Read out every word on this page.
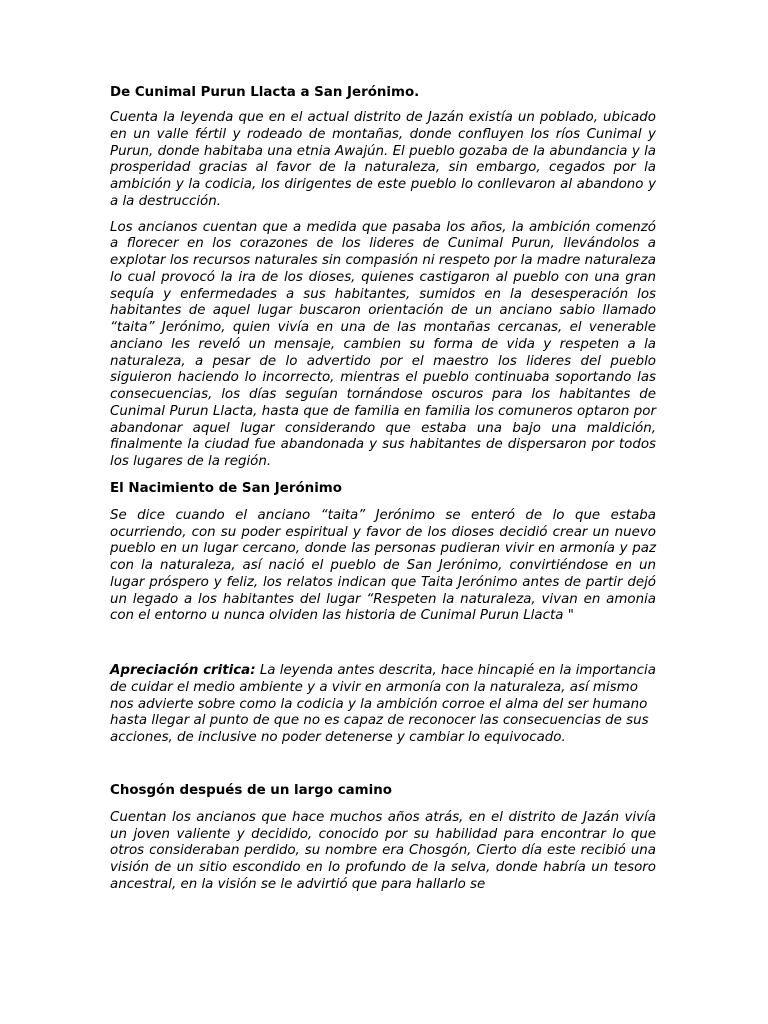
De Cunimal Purun Llacta a San Jerónimo.

Cuenta la leyenda que en el actual distrito de Jazán existía un poblado, ubicado en un valle fértil y rodeado de montañas, donde confluyen los ríos Cunimal y Purun, donde habitaba una etnia Awajún. El pueblo gozaba de la abundancia y la prosperidad gracias al favor de la naturaleza, sin embargo, cegados por la ambición y la codicia, los dirigentes de este pueblo lo conllevaron al abandono y a la destrucción.

Los ancianos cuentan que a medida que pasaba los años, la ambición comenzó a florecer en los corazones de los lideres de Cunimal Purun, llevándolos a explotar los recursos naturales sin compasión ni respeto por la madre naturaleza lo cual provocó la ira de los dioses, quienes castigaron al pueblo con una gran sequía y enfermedades a sus habitantes, sumidos en la desesperación los habitantes de aquel lugar buscaron orientación de un anciano sabio llamado “taita” Jerónimo, quien vivía en una de las montañas cercanas, el venerable anciano les reveló un mensaje, cambien su forma de vida y respeten a la naturaleza, a pesar de lo advertido por el maestro los lideres del pueblo siguieron haciendo lo incorrecto, mientras el pueblo continuaba soportando las consecuencias, los días seguían tornándose oscuros para los habitantes de Cunimal Purun Llacta, hasta que de familia en familia los comuneros optaron por abandonar aquel lugar considerando que estaba una bajo una maldición, finalmente la ciudad fue abandonada y sus habitantes de dispersaron por todos los lugares de la región.

El Nacimiento de San Jerónimo

Se dice cuando el anciano “taita” Jerónimo se enteró de lo que estaba ocurriendo, con su poder espiritual y favor de los dioses decidió crear un nuevo pueblo en un lugar cercano, donde las personas pudieran vivir en armonía y paz con la naturaleza, así nació el pueblo de San Jerónimo, convirtiéndose en un lugar próspero y feliz, los relatos indican que Taita Jerónimo antes de partir dejó un legado a los habitantes del lugar “Respeten la naturaleza, vivan en amonia con el entorno u nunca olviden las historia de Cunimal Purun Llacta "

Apreciación critica: La leyenda antes descrita, hace hincapié en la importancia de cuidar el medio ambiente y a vivir en armonía con la naturaleza, así mismo nos advierte sobre como la codicia y la ambición corroe el alma del ser humano hasta llegar al punto de que no es capaz de reconocer las consecuencias de sus acciones, de inclusive no poder detenerse y cambiar lo equivocado.

Chosgón después de un largo camino

Cuentan los ancianos que hace muchos años atrás, en el distrito de Jazán vivía un joven valiente y decidido, conocido por su habilidad para encontrar lo que otros consideraban perdido, su nombre era Chosgón, Cierto día este recibió una visión de un sitio escondido en lo profundo de la selva, donde habría un tesoro ancestral, en la visión se le advirtió que para hallarlo se
